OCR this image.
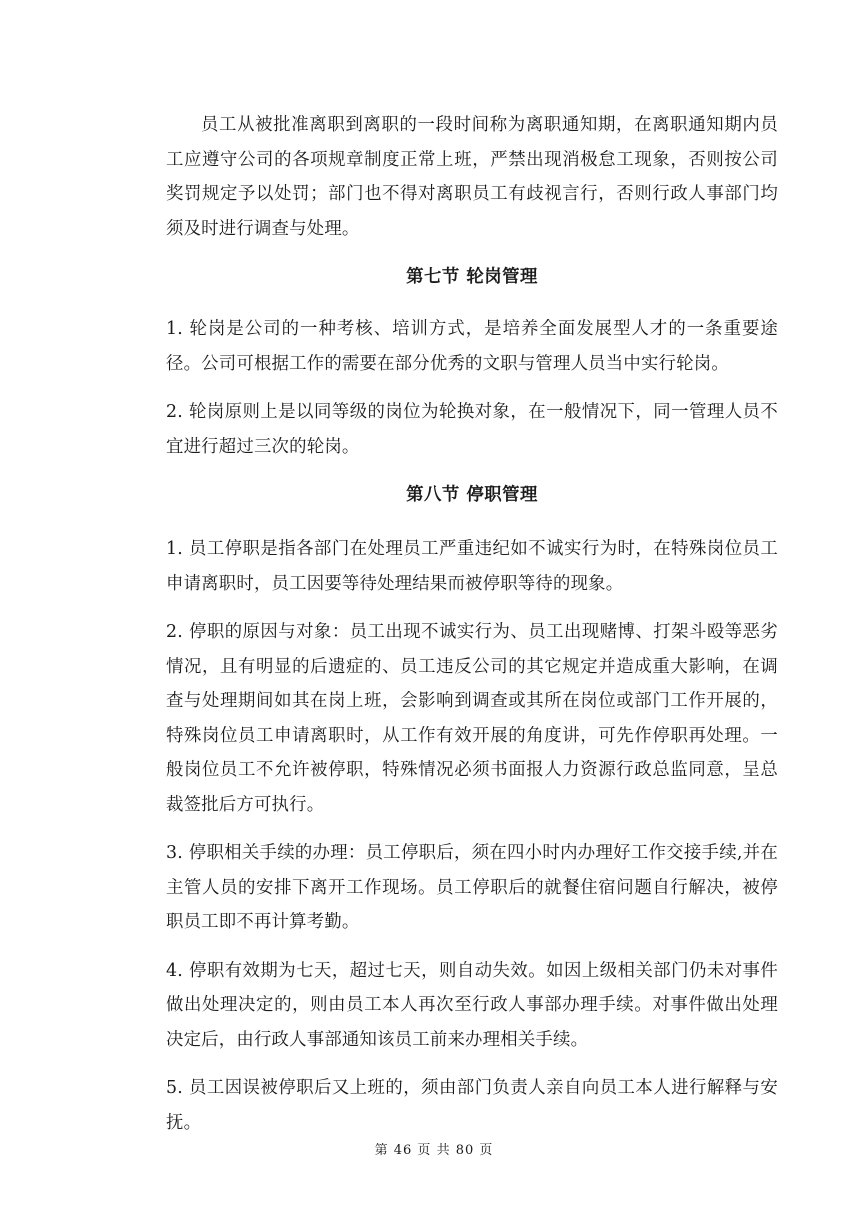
员工从被批准离职到离职的一段时间称为离职通知期，在离职通知期内员工应遵守公司的各项规章制度正常上班，严禁出现消极怠工现象，否则按公司奖罚规定予以处罚；部门也不得对离职员工有歧视言行，否则行政人事部门均须及时进行调查与处理。

第七节 轮岗管理

1. 轮岗是公司的一种考核、培训方式，是培养全面发展型人才的一条重要途径。公司可根据工作的需要在部分优秀的文职与管理人员当中实行轮岗。

2. 轮岗原则上是以同等级的岗位为轮换对象，在一般情况下，同一管理人员不宜进行超过三次的轮岗。

第八节 停职管理

1. 员工停职是指各部门在处理员工严重违纪如不诚实行为时，在特殊岗位员工申请离职时，员工因要等待处理结果而被停职等待的现象。

2. 停职的原因与对象：员工出现不诚实行为、员工出现赌博、打架斗殴等恶劣情况，且有明显的后遗症的、员工违反公司的其它规定并造成重大影响，在调查与处理期间如其在岗上班，会影响到调查或其所在岗位或部门工作开展的，特殊岗位员工申请离职时，从工作有效开展的角度讲，可先作停职再处理。一般岗位员工不允许被停职，特殊情况必须书面报人力资源行政总监同意，呈总裁签批后方可执行。

3. 停职相关手续的办理：员工停职后，须在四小时内办理好工作交接手续,并在主管人员的安排下离开工作现场。员工停职后的就餐住宿问题自行解决，被停职员工即不再计算考勤。

4. 停职有效期为七天，超过七天，则自动失效。如因上级相关部门仍未对事件做出处理决定的，则由员工本人再次至行政人事部办理手续。对事件做出处理决定后，由行政人事部通知该员工前来办理相关手续。

5. 员工因误被停职后又上班的，须由部门负责人亲自向员工本人进行解释与安抚。

第 46 页 共 80 页
